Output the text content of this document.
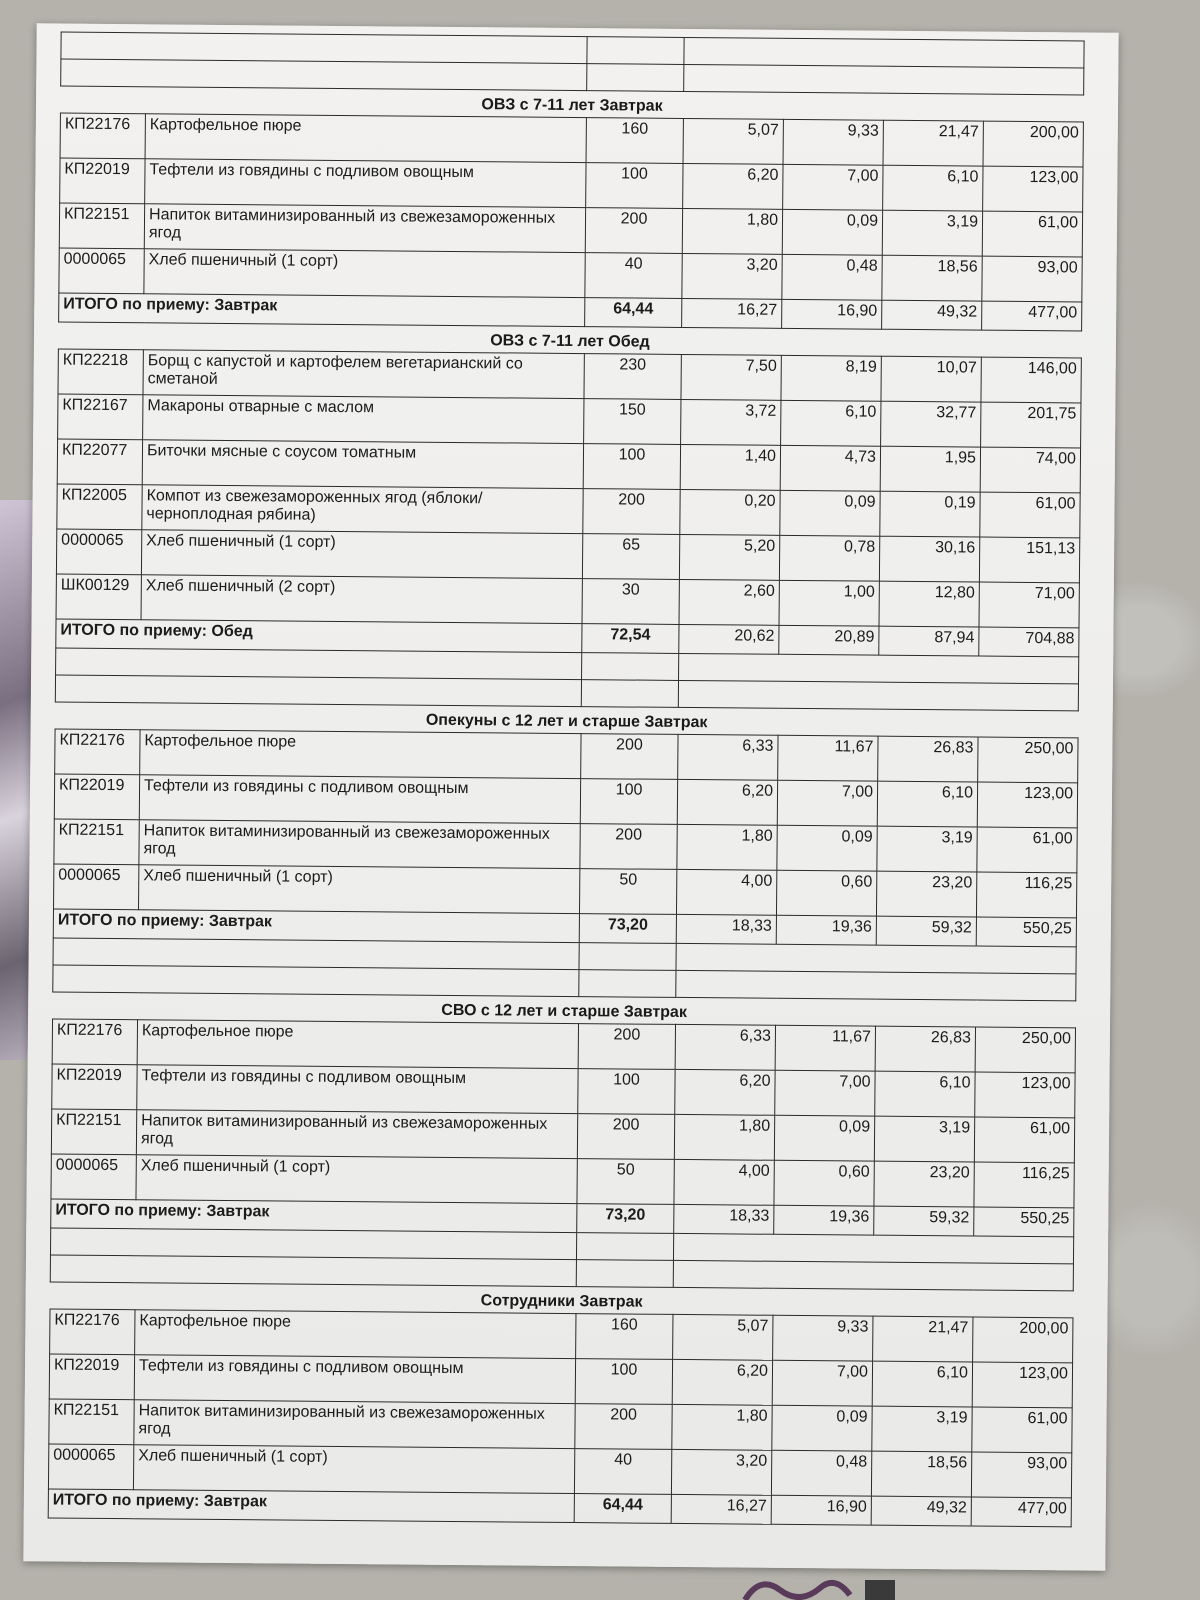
ОВЗ с 7-11 лет Завтрак
КП22176	Картофельное пюре	160	5,07	9,33	21,47	200,00
КП22019	Тефтели из говядины с подливом овощным	100	6,20	7,00	6,10	123,00
КП22151	Напиток витаминизированный из свежезамороженных ягод	200	1,80	0,09	3,19	61,00
0000065	Хлеб пшеничный (1 сорт)	40	3,20	0,48	18,56	93,00
ИТОГО по приему: Завтрак		64,44	16,27	16,90	49,32	477,00
ОВЗ с 7-11 лет Обед
КП22218	Борщ с капустой и картофелем вегетарианский со сметаной	230	7,50	8,19	10,07	146,00
КП22167	Макароны отварные с маслом	150	3,72	6,10	32,77	201,75
КП22077	Биточки мясные с соусом томатным	100	1,40	4,73	1,95	74,00
КП22005	Компот из свежезамороженных ягод (яблоки/черноплодная рябина)	200	0,20	0,09	0,19	61,00
0000065	Хлеб пшеничный (1 сорт)	65	5,20	0,78	30,16	151,13
ШК00129	Хлеб пшеничный (2 сорт)	30	2,60	1,00	12,80	71,00
ИТОГО по приему: Обед		72,54	20,62	20,89	87,94	704,88

Опекуны с 12 лет и старше Завтрак
КП22176	Картофельное пюре	200	6,33	11,67	26,83	250,00
КП22019	Тефтели из говядины с подливом овощным	100	6,20	7,00	6,10	123,00
КП22151	Напиток витаминизированный из свежезамороженных ягод	200	1,80	0,09	3,19	61,00
0000065	Хлеб пшеничный (1 сорт)	50	4,00	0,60	23,20	116,25
ИТОГО по приему: Завтрак		73,20	18,33	19,36	59,32	550,25

СВО с 12 лет и старше Завтрак
КП22176	Картофельное пюре	200	6,33	11,67	26,83	250,00
КП22019	Тефтели из говядины с подливом овощным	100	6,20	7,00	6,10	123,00
КП22151	Напиток витаминизированный из свежезамороженных ягод	200	1,80	0,09	3,19	61,00
0000065	Хлеб пшеничный (1 сорт)	50	4,00	0,60	23,20	116,25
ИТОГО по приему: Завтрак		73,20	18,33	19,36	59,32	550,25

Сотрудники Завтрак
КП22176	Картофельное пюре	160	5,07	9,33	21,47	200,00
КП22019	Тефтели из говядины с подливом овощным	100	6,20	7,00	6,10	123,00
КП22151	Напиток витаминизированный из свежезамороженных ягод	200	1,80	0,09	3,19	61,00
0000065	Хлеб пшеничный (1 сорт)	40	3,20	0,48	18,56	93,00
ИТОГО по приему: Завтрак		64,44	16,27	16,90	49,32	477,00
